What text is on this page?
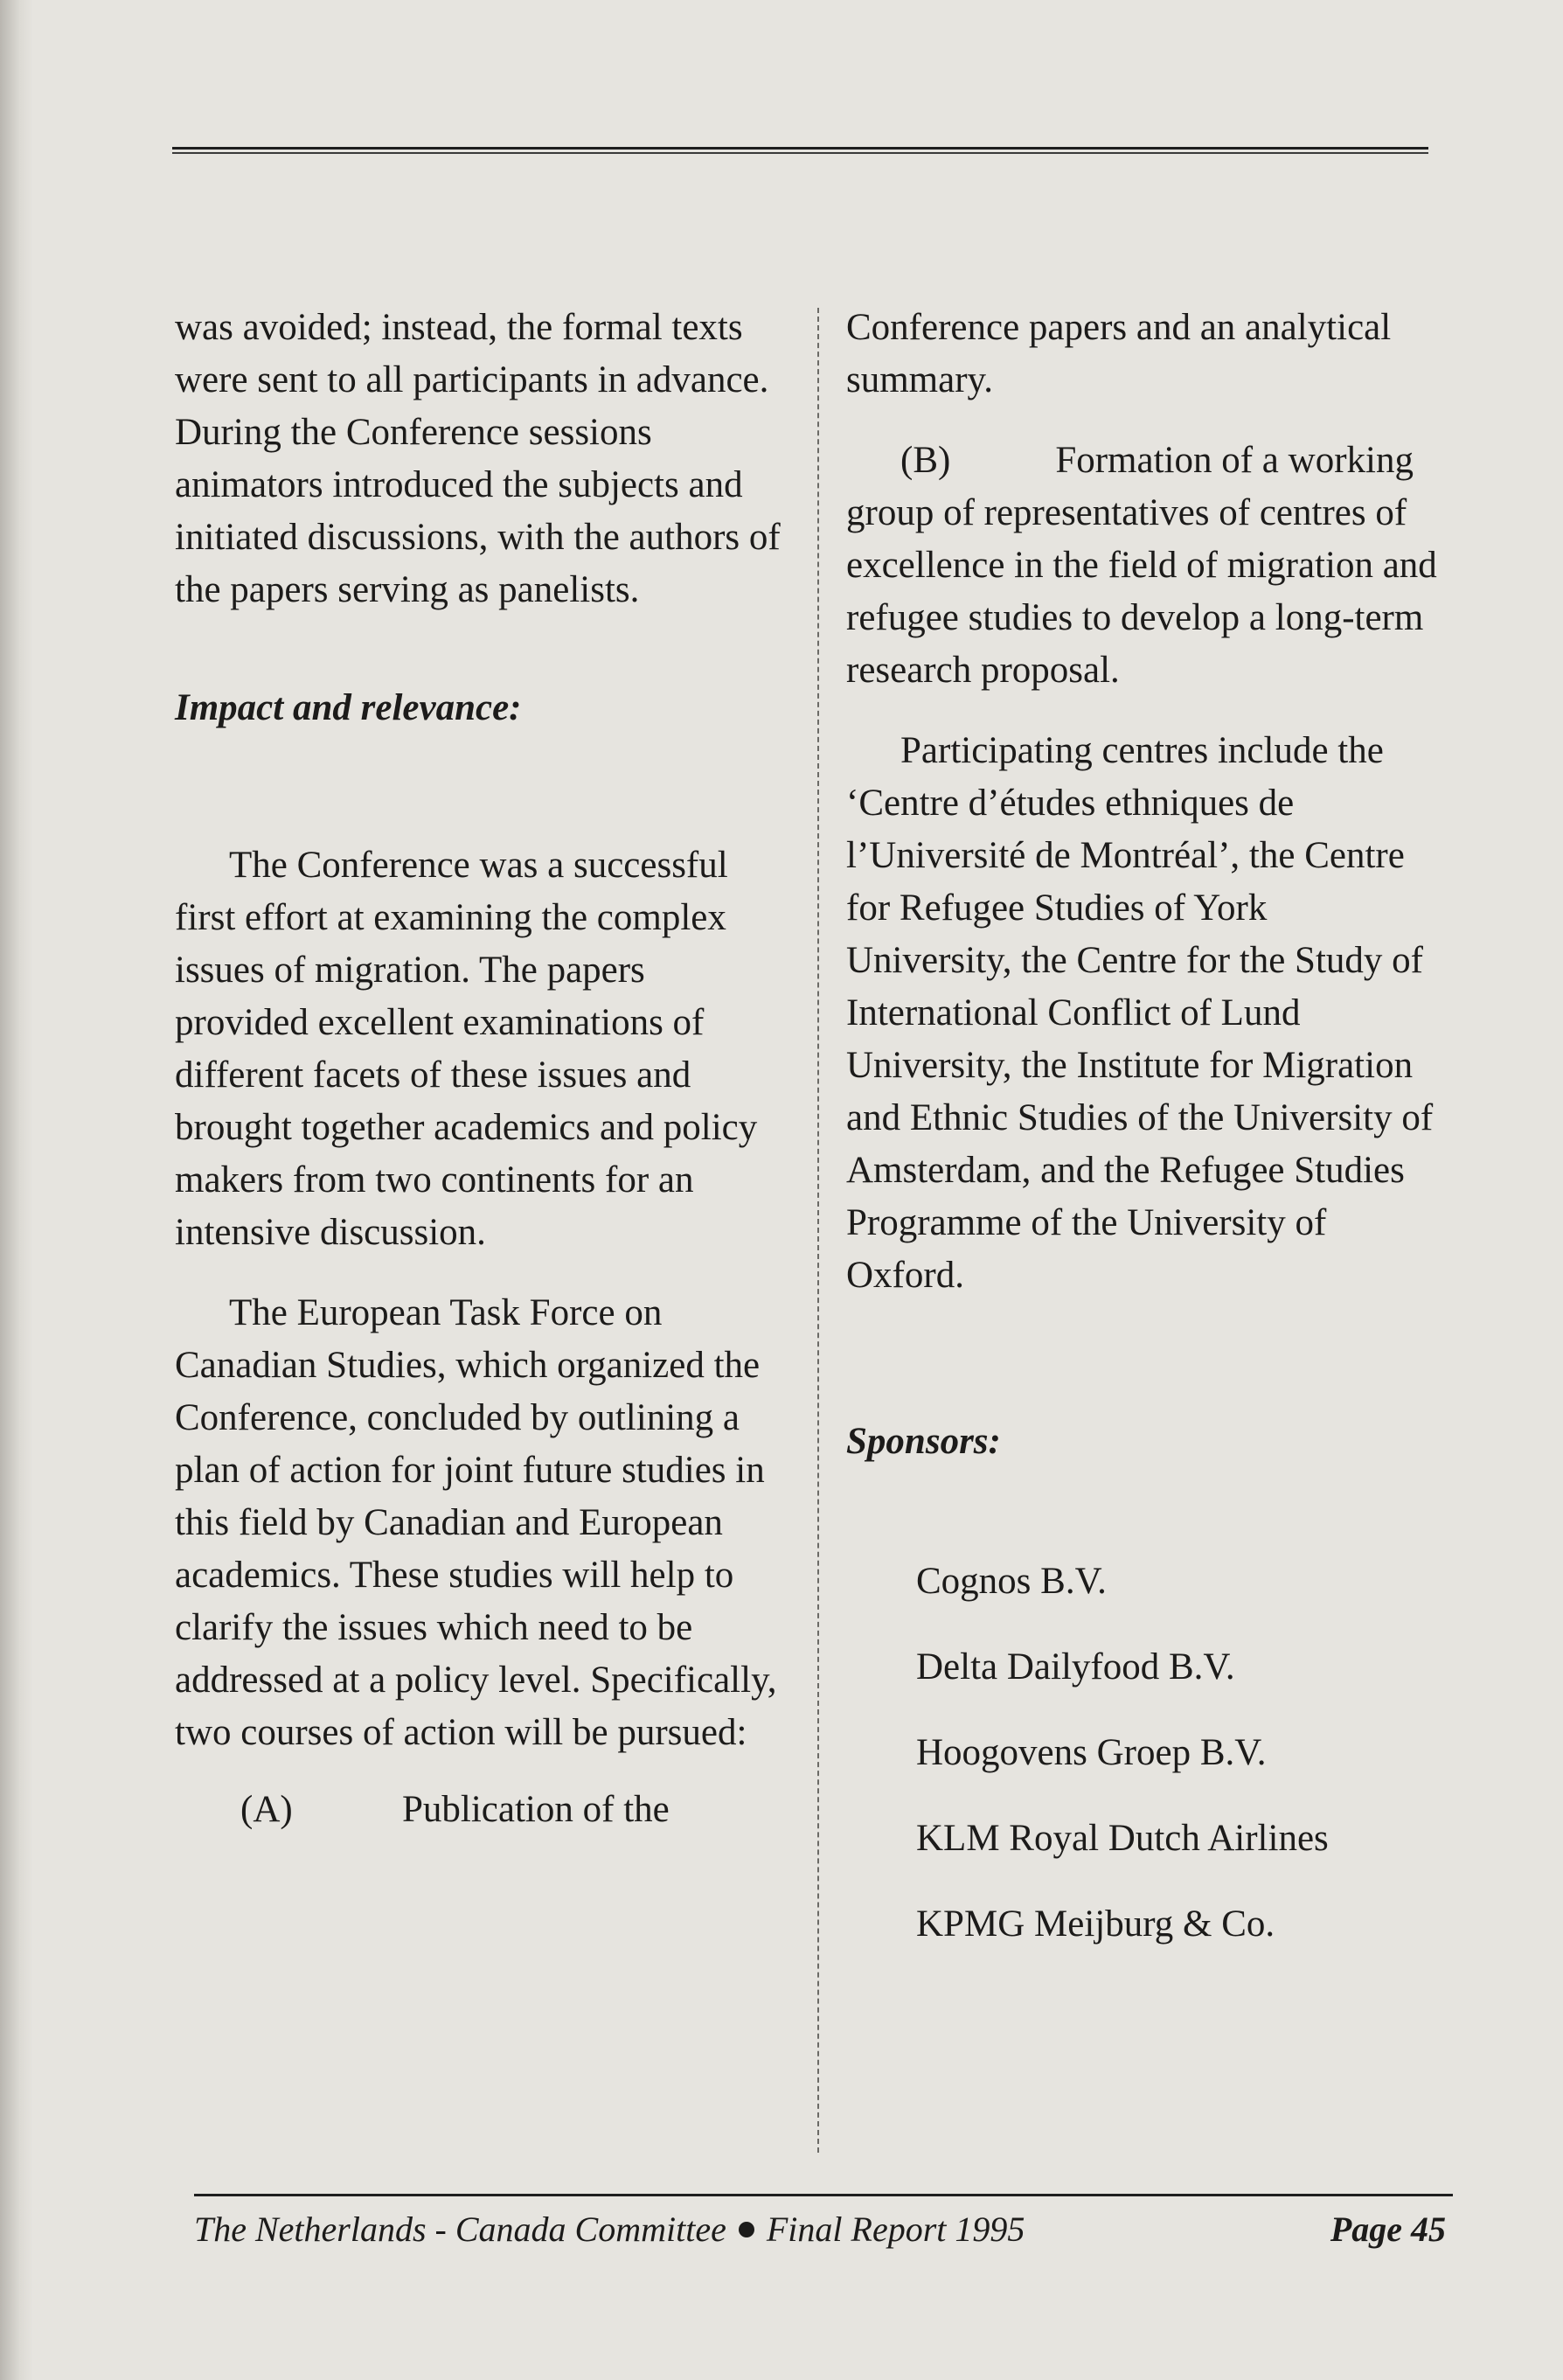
was avoided; instead, the formal texts were sent to all participants in advance. During the Conference sessions animators introduced the subjects and initiated discussions, with the authors of the papers serving as panelists.

Impact and relevance:

The Conference was a successful first effort at examining the complex issues of migration. The papers provided excellent examinations of different facets of these issues and brought together academics and policy makers from two continents for an intensive discussion.

The European Task Force on Canadian Studies, which organized the Conference, concluded by outlining a plan of action for joint future studies in this field by Canadian and European academics. These studies will help to clarify the issues which need to be addressed at a policy level. Specifically, two courses of action will be pursued:

(A)	Publication of the

Conference papers and an analytical summary.

(B)	Formation of a working group of representatives of centres of excellence in the field of migration and refugee studies to develop a long-term research proposal.

Participating centres include the ‘Centre d’études ethniques de l’Université de Montréal’, the Centre for Refugee Studies of York University, the Centre for the Study of International Conflict of Lund University, the Institute for Migration and Ethnic Studies of the University of Amsterdam, and the Refugee Studies Programme of the University of Oxford.

Sponsors:

Cognos B.V.

Delta Dailyfood B.V.

Hoogovens Groep B.V.

KLM Royal Dutch Airlines

KPMG Meijburg & Co.

The Netherlands - Canada Committee Final Report 1995	Page 45
